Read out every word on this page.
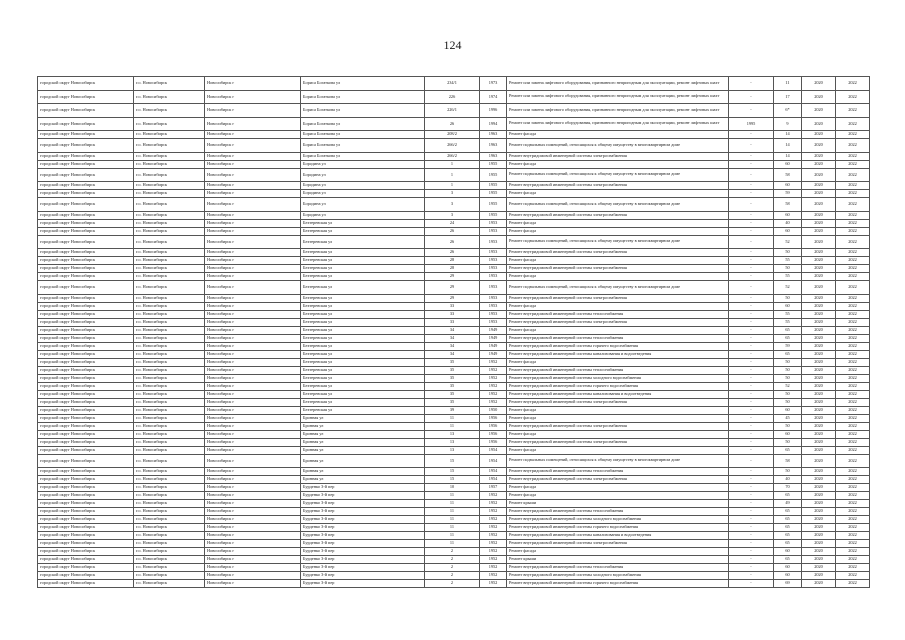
124
городской округ Новосибирск	г.о. Новосибирск	Новосибирск г	Бориса Богаткова ул	234/1	1973	Ремонт или замена лифтового оборудования, признанного непригодным для эксплуатации, ремонт лифтовых шахт	-	11	2020	2022
городской округ Новосибирск	г.о. Новосибирск	Новосибирск г	Бориса Богаткова ул	226	1974	Ремонт или замена лифтового оборудования, признанного непригодным для эксплуатации, ремонт лифтовых шахт	-	17	2020	2022
городской округ Новосибирск	г.о. Новосибирск	Новосибирск г	Бориса Богаткова ул	226/1	1996	Ремонт или замена лифтового оборудования, признанного непригодным для эксплуатации, ремонт лифтовых шахт	-	6*	2020	2022
городской округ Новосибирск	г.о. Новосибирск	Новосибирск г	Бориса Богаткова ул	26	1994	Ремонт или замена лифтового оборудования, признанного непригодным для эксплуатации, ремонт лифтовых шахт	1995	9	2020	2022
городской округ Новосибирск	г.о. Новосибирск	Новосибирск г	Бориса Богаткова ул	208/2	1963	Ремонт фасада	-	14	2020	2022
городской округ Новосибирск	г.о. Новосибирск	Новосибирск г	Бориса Богаткова ул	266/2	1963	Ремонт подвальных помещений, относящихся к общему имуществу в многоквартирном доме	-	14	2020	2022
городской округ Новосибирск	г.о. Новосибирск	Новосибирск г	Бориса Богаткова ул	266/2	1963	Ремонт внутридомовой инженерной системы электроснабжения	-	14	2020	2022
городской округ Новосибирск	г.о. Новосибирск	Новосибирск г	Бородина ул	1	1955	Ремонт фасада	-	60	2020	2022
городской округ Новосибирск	г.о. Новосибирск	Новосибирск г	Бородина ул	1	1955	Ремонт подвальных помещений, относящихся к общему имуществу в многоквартирном доме	-	58	2020	2022
городской округ Новосибирск	г.о. Новосибирск	Новосибирск г	Бородина ул	1	1955	Ремонт внутридомовой инженерной системы электроснабжения	-	60	2020	2022
городской округ Новосибирск	г.о. Новосибирск	Новосибирск г	Бородина ул	3	1955	Ремонт фасада	-	59	2020	2022
городской округ Новосибирск	г.о. Новосибирск	Новосибирск г	Бородина ул	3	1955	Ремонт подвальных помещений, относящихся к общему имуществу в многоквартирном доме	-	58	2020	2022
городской округ Новосибирск	г.о. Новосибирск	Новосибирск г	Бородина ул	3	1955	Ремонт внутридомовой инженерной системы электроснабжения	-	60	2020	2022
городской округ Новосибирск	г.о. Новосибирск	Новосибирск г	Бехтеревская ул	24	1953	Ремонт фасада	-	40	2020	2022
городской округ Новосибирск	г.о. Новосибирск	Новосибирск г	Бехтеревская ул	26	1953	Ремонт фасада	-	60	2020	2022
городской округ Новосибирск	г.о. Новосибирск	Новосибирск г	Бехтеревская ул	26	1953	Ремонт подвальных помещений, относящихся к общему имуществу в многоквартирном доме	-	52	2020	2022
городской округ Новосибирск	г.о. Новосибирск	Новосибирск г	Бехтеревская ул	26	1953	Ремонт внутридомовой инженерной системы электроснабжения	-	50	2020	2022
городской округ Новосибирск	г.о. Новосибирск	Новосибирск г	Бехтеревская ул	28	1953	Ремонт фасада	-	55	2020	2022
городской округ Новосибирск	г.о. Новосибирск	Новосибирск г	Бехтеревская ул	28	1953	Ремонт внутридомовой инженерной системы электроснабжения	-	50	2020	2022
городской округ Новосибирск	г.о. Новосибирск	Новосибирск г	Бехтеревская ул	29	1953	Ремонт фасада	-	55	2020	2022
городской округ Новосибирск	г.о. Новосибирск	Новосибирск г	Бехтеревская ул	29	1953	Ремонт подвальных помещений, относящихся к общему имуществу в многоквартирном доме	-	52	2020	2022
городской округ Новосибирск	г.о. Новосибирск	Новосибирск г	Бехтеревская ул	29	1953	Ремонт внутридомовой инженерной системы электроснабжения	-	50	2020	2022
городской округ Новосибирск	г.о. Новосибирск	Новосибирск г	Бехтеревская ул	33	1953	Ремонт фасада	-	60	2020	2022
городской округ Новосибирск	г.о. Новосибирск	Новосибирск г	Бехтеревская ул	33	1953	Ремонт внутридомовой инженерной системы теплоснабжения	-	55	2020	2022
городской округ Новосибирск	г.о. Новосибирск	Новосибирск г	Бехтеревская ул	33	1953	Ремонт внутридомовой инженерной системы электроснабжения	-	55	2020	2022
городской округ Новосибирск	г.о. Новосибирск	Новосибирск г	Бехтеревская ул	34	1949	Ремонт фасада	-	65	2020	2022
городской округ Новосибирск	г.о. Новосибирск	Новосибирск г	Бехтеревская ул	34	1949	Ремонт внутридомовой инженерной системы теплоснабжения	-	65	2020	2022
городской округ Новосибирск	г.о. Новосибирск	Новосибирск г	Бехтеревская ул	34	1949	Ремонт внутридомовой инженерной системы горячего водоснабжения	-	59	2020	2022
городской округ Новосибирск	г.о. Новосибирск	Новосибирск г	Бехтеревская ул	34	1949	Ремонт внутридомовой инженерной системы канализования и водоотведения	-	65	2020	2022
городской округ Новосибирск	г.о. Новосибирск	Новосибирск г	Бехтеревская ул	35	1952	Ремонт фасада	-	50	2020	2022
городской округ Новосибирск	г.о. Новосибирск	Новосибирск г	Бехтеревская ул	35	1952	Ремонт внутридомовой инженерной системы теплоснабжения	-	50	2020	2022
городской округ Новосибирск	г.о. Новосибирск	Новосибирск г	Бехтеревская ул	35	1952	Ремонт внутридомовой инженерной системы холодного водоснабжения	-	50	2020	2022
городской округ Новосибирск	г.о. Новосибирск	Новосибирск г	Бехтеревская ул	35	1952	Ремонт внутридомовой инженерной системы горячего водоснабжения	-	52	2020	2022
городской округ Новосибирск	г.о. Новосибирск	Новосибирск г	Бехтеревская ул	35	1952	Ремонт внутридомовой инженерной системы канализования и водоотведения	-	50	2020	2022
городской округ Новосибирск	г.о. Новосибирск	Новосибирск г	Бехтеревская ул	35	1952	Ремонт внутридомовой инженерной системы электроснабжения	-	50	2020	2022
городской округ Новосибирск	г.о. Новосибирск	Новосибирск г	Бехтеревская ул	39	1950	Ремонт фасада	-	60	2020	2022
городской округ Новосибирск	г.о. Новосибирск	Новосибирск г	Бронная ул	11	1956	Ремонт фасада	-	45	2020	2022
городской округ Новосибирск	г.о. Новосибирск	Новосибирск г	Бронная ул	11	1956	Ремонт внутридомовой инженерной системы электроснабжения	-	50	2020	2022
городской округ Новосибирск	г.о. Новосибирск	Новосибирск г	Бронная ул	13	1956	Ремонт фасада	-	60	2020	2022
городской округ Новосибирск	г.о. Новосибирск	Новосибирск г	Бронная ул	13	1956	Ремонт внутридомовой инженерной системы электроснабжения	-	50	2020	2022
городской округ Новосибирск	г.о. Новосибирск	Новосибирск г	Бронная ул	13	1954	Ремонт фасада	-	65	2020	2022
городской округ Новосибирск	г.о. Новосибирск	Новосибирск г	Бронная ул	15	1954	Ремонт подвальных помещений, относящихся к общему имуществу в многоквартирном доме	-	58	2020	2022
городской округ Новосибирск	г.о. Новосибирск	Новосибирск г	Бронная ул	15	1954	Ремонт внутридомовой инженерной системы теплоснабжения	-	50	2020	2022
городской округ Новосибирск	г.о. Новосибирск	Новосибирск г	Бронная ул	15	1954	Ремонт внутридомовой инженерной системы электроснабжения	-	40	2020	2022
городской округ Новосибирск	г.о. Новосибирск	Новосибирск г	Бурденко 3-й пер	10	1957	Ремонт фасада	-	70	2020	2022
городской округ Новосибирск	г.о. Новосибирск	Новосибирск г	Бурденко 3-й пер	11	1952	Ремонт фасада	-	65	2020	2022
городской округ Новосибирск	г.о. Новосибирск	Новосибирск г	Бурденко 3-й пер	11	1952	Ремонт крыши	-	49	2020	2022
городской округ Новосибирск	г.о. Новосибирск	Новосибирск г	Бурденко 3-й пер	11	1952	Ремонт внутридомовой инженерной системы теплоснабжения	-	65	2020	2022
городской округ Новосибирск	г.о. Новосибирск	Новосибирск г	Бурденко 3-й пер	11	1952	Ремонт внутридомовой инженерной системы холодного водоснабжения	-	65	2020	2022
городской округ Новосибирск	г.о. Новосибирск	Новосибирск г	Бурденко 3-й пер	11	1952	Ремонт внутридомовой инженерной системы горячего водоснабжения	-	65	2020	2022
городской округ Новосибирск	г.о. Новосибирск	Новосибирск г	Бурденко 3-й пер	11	1952	Ремонт внутридомовой инженерной системы канализования и водоотведения	-	65	2020	2022
городской округ Новосибирск	г.о. Новосибирск	Новосибирск г	Бурденко 3-й пер	11	1952	Ремонт внутридомовой инженерной системы электроснабжения	-	65	2020	2022
городской округ Новосибирск	г.о. Новосибирск	Новосибирск г	Бурденко 3-й пер	2	1952	Ремонт фасада	-	60	2020	2022
городской округ Новосибирск	г.о. Новосибирск	Новосибирск г	Бурденко 3-й пер	2	1952	Ремонт крыши	-	65	2020	2022
городской округ Новосибирск	г.о. Новосибирск	Новосибирск г	Бурденко 3-й пер	2	1952	Ремонт внутридомовой инженерной системы теплоснабжения	-	60	2020	2022
городской округ Новосибирск	г.о. Новосибирск	Новосибирск г	Бурденко 3-й пер	2	1952	Ремонт внутридомовой инженерной системы холодного водоснабжения	-	60	2020	2022
городской округ Новосибирск	г.о. Новосибирск	Новосибирск г	Бурденко 3-й пер	2	1952	Ремонт внутридомовой инженерной системы горячего водоснабжения	-	69	2020	2022
